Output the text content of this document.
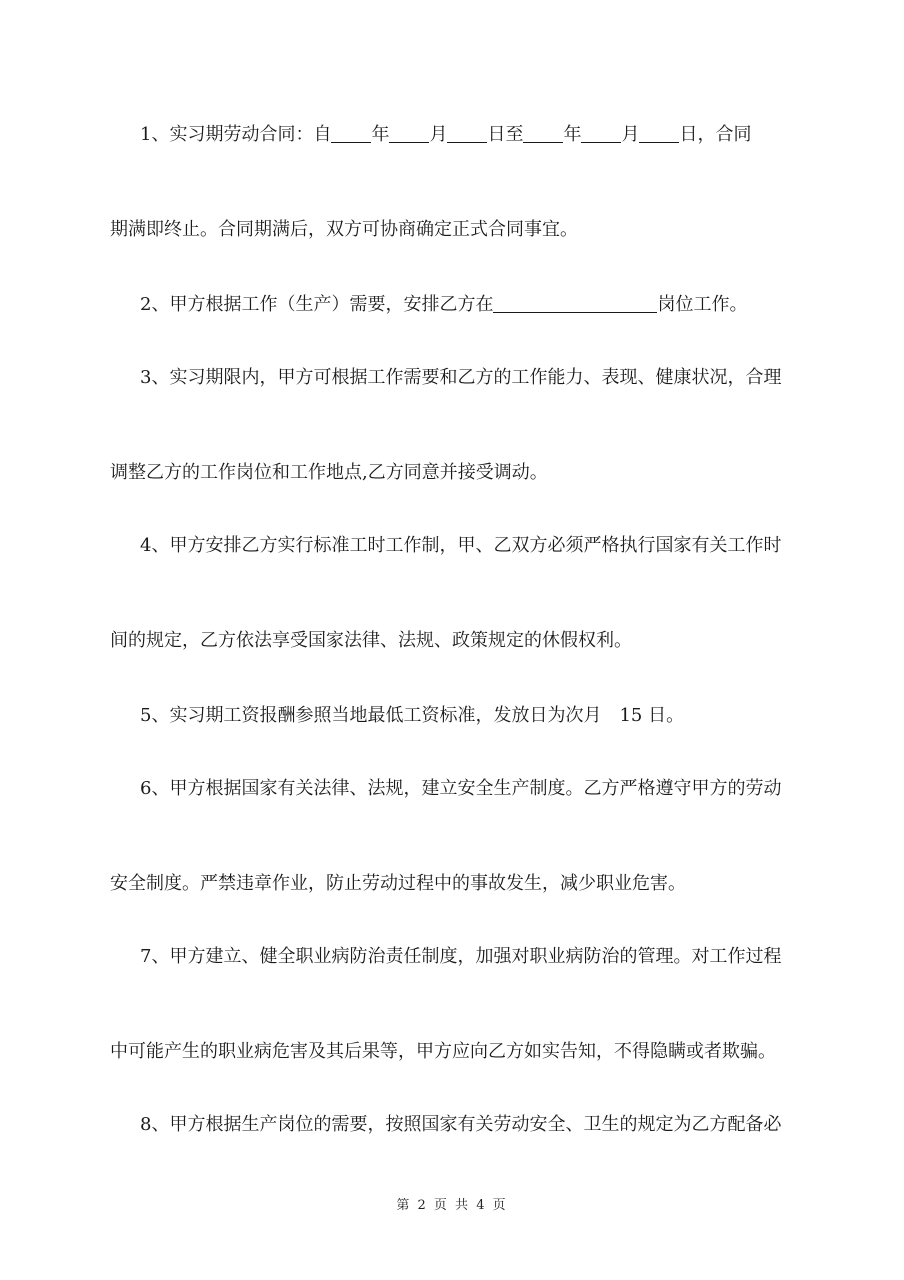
1、实习期劳动合同：自 年 月 日至 年 月 日，合同
期满即终止。合同期满后，双方可协商确定正式合同事宜。
2、甲方根据工作（生产）需要，安排乙方在	岗位工作。
3、实习期限内，甲方可根据工作需要和乙方的工作能力、表现、健康状况，合理
调整乙方的工作岗位和工作地点,乙方同意并接受调动。
4、甲方安排乙方实行标准工时工作制，甲、乙双方必须严格执行国家有关工作时
间的规定，乙方依法享受国家法律、法规、政策规定的休假权利。
5、实习期工资报酬参照当地最低工资标准，发放日为次月　15 日。
6、甲方根据国家有关法律、法规，建立安全生产制度。乙方严格遵守甲方的劳动
安全制度。严禁违章作业，防止劳动过程中的事故发生，减少职业危害。
7、甲方建立、健全职业病防治责任制度，加强对职业病防治的管理。对工作过程
中可能产生的职业病危害及其后果等，甲方应向乙方如实告知，不得隐瞒或者欺骗。
8、甲方根据生产岗位的需要，按照国家有关劳动安全、卫生的规定为乙方配备必
第 2 页 共 4 页
